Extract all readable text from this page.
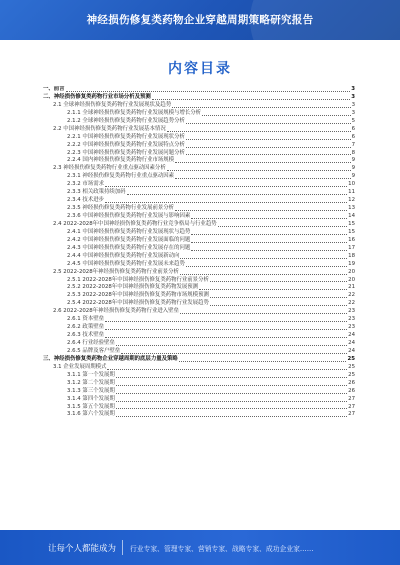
神经损伤修复类药物企业穿越周期策略研究报告
内容目录
一、前言	3
二、神经损伤修复类药物行业市场分析及预测	3
2.1 全球神经损伤修复类药物行业发展现状及趋势	3
2.1.1 全球神经损伤修复类药物行业发展规模与增长分析	3
2.1.2 全球神经损伤修复类药物行业发展趋势分析	5
2.2 中国神经损伤修复类药物行业发展基本情况	6
2.2.1 中国神经损伤修复类药物行业发展现状分析	6
2.2.2 中国神经损伤修复类药物行业发展特点分析	7
2.2.3 中国神经损伤修复类药物行业发展问题分析	8
2.2.4 国内神经损伤修复类药物行业市场规模	9
2.3 神经损伤修复类药物行业重点驱动因素分析	9
2.3.1 神经损伤修复类药物行业重点驱动因素	9
2.3.2 市场需求	10
2.3.3 相关政策持续加码	11
2.3.4 技术进步	12
2.3.5 神经损伤修复类药物行业发展前景分析	13
2.3.6 中国神经损伤修复类药物行业发展与影响因素	14
2.4 2022-2028年中国神经损伤修复类药物行业竞争格局与行业趋势	15
2.4.1 中国神经损伤修复类药物行业发展现状与趋势	15
2.4.2 中国神经损伤修复类药物行业发展面临的问题	16
2.4.3 中国神经损伤修复类药物行业发展存在的问题	17
2.4.4 中国神经损伤修复类药物行业发展新动向	18
2.4.5 中国神经损伤修复类药物行业发展未来趋势	19
2.5 2022-2028年神经损伤修复类药物行业前景分析	20
2.5.1 2022-2028年中国神经损伤修复类药物行业前景分析	20
2.5.2 2022-2028年中国神经损伤修复类药物发展预测	21
2.5.3 2022-2028年中国神经损伤修复类药物市场规模预测	22
2.5.4 2022-2028年中国神经损伤修复类药物行业发展趋势	22
2.6 2022-2028年神经损伤修复类药物行业进入壁垒	23
2.6.1 资本壁垒	23
2.6.2 政策壁垒	23
2.6.3 技术壁垒	24
2.6.4 行业经验壁垒	24
2.6.5 品牌及客户壁垒	24
三、神经损伤修复类药物企业穿越周期的底层力量及策略	25
3.1 企业发展周期模式	25
3.1.1 第一个发展期	25
3.1.2 第二个发展期	26
3.1.3 第三个发展期	26
3.1.4 第四个发展期	27
3.1.5 第五个发展期	27
3.1.6 第六个发展期	27
让每个人都能成为 行业专家、管理专家、营销专家、战略专家、成功企业家……
